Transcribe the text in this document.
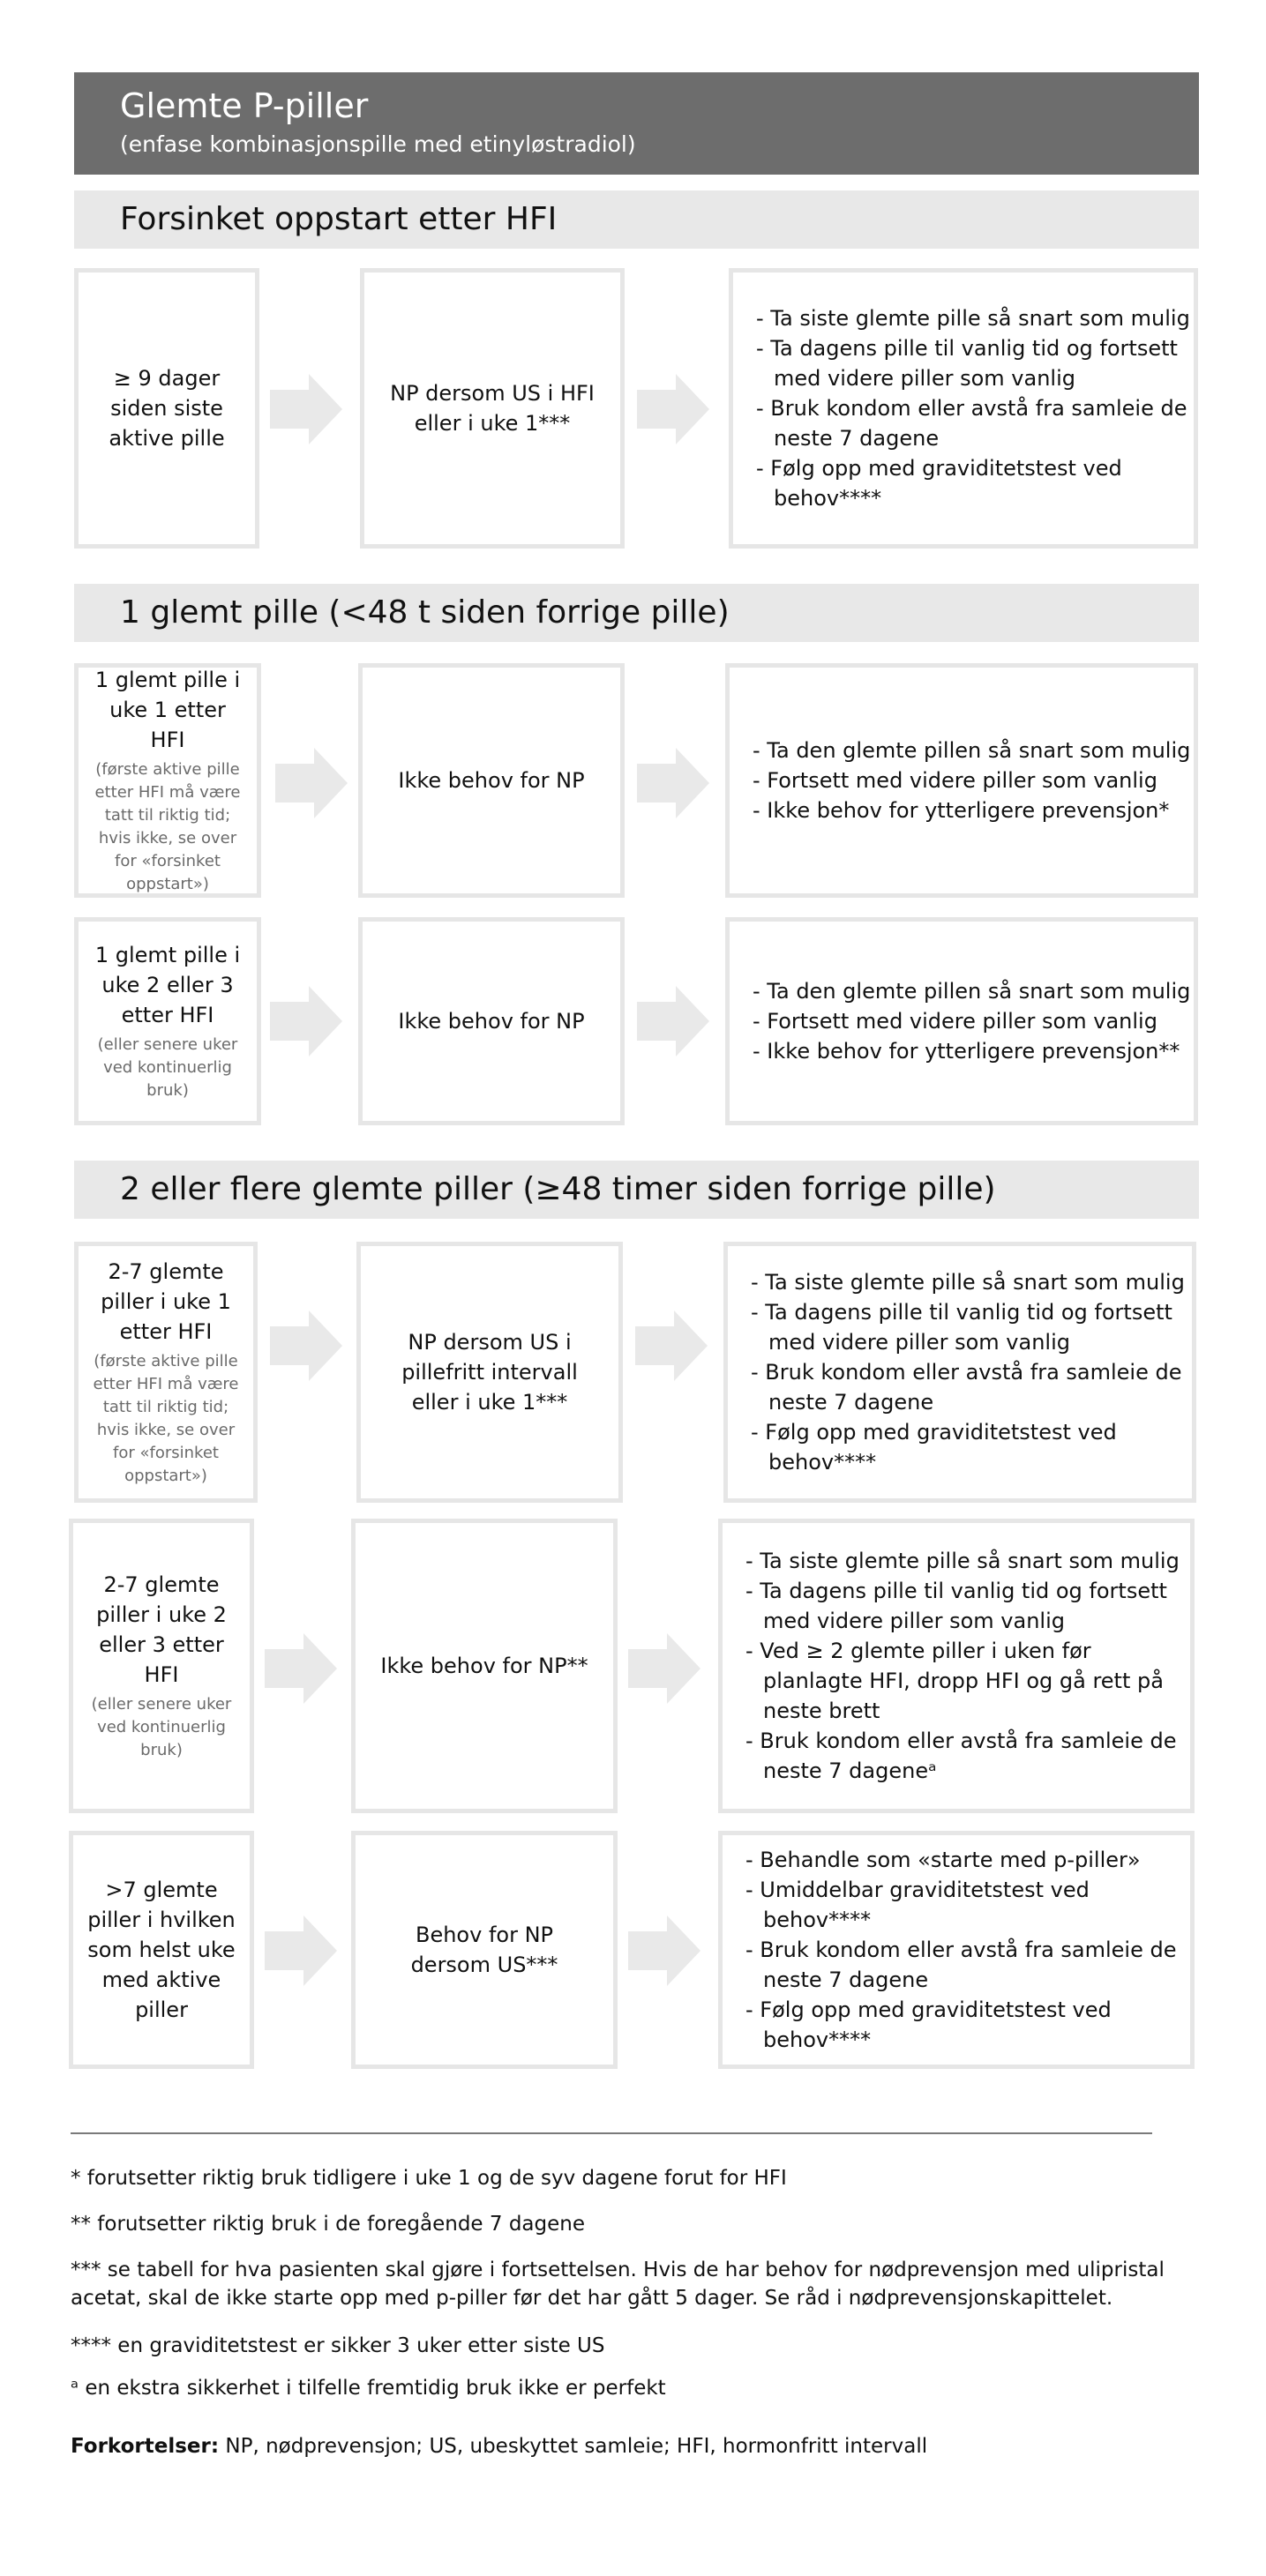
Glemte P-piller
(enfase kombinasjonspille med etinyløstradiol)
Forsinket oppstart etter HFI
≥ 9 dager siden siste aktive pille
NP dersom US i HFI eller i uke 1***
- Ta siste glemte pille så snart som mulig
- Ta dagens pille til vanlig tid og fortsett med videre piller som vanlig
- Bruk kondom eller avstå fra samleie de neste 7 dagene
- Følg opp med graviditetstest ved behov****
1 glemt pille (<48 t siden forrige pille)
1 glemt pille i uke 1 etter HFI
(første aktive pille etter HFI må være tatt til riktig tid; hvis ikke, se over for «forsinket oppstart»)
Ikke behov for NP
- Ta den glemte pillen så snart som mulig
- Fortsett med videre piller som vanlig
- Ikke behov for ytterligere prevensjon*
1 glemt pille i uke 2 eller 3 etter HFI
(eller senere uker ved kontinuerlig bruk)
Ikke behov for NP
- Ta den glemte pillen så snart som mulig
- Fortsett med videre piller som vanlig
- Ikke behov for ytterligere prevensjon**
2 eller flere glemte piller (≥48 timer siden forrige pille)
2-7 glemte piller i uke 1 etter HFI
(første aktive pille etter HFI må være tatt til riktig tid; hvis ikke, se over for «forsinket oppstart»)
NP dersom US i pillefritt intervall eller i uke 1***
- Ta siste glemte pille så snart som mulig
- Ta dagens pille til vanlig tid og fortsett med videre piller som vanlig
- Bruk kondom eller avstå fra samleie de neste 7 dagene
- Følg opp med graviditetstest ved behov****
2-7 glemte piller i uke 2 eller 3 etter HFI
(eller senere uker ved kontinuerlig bruk)
Ikke behov for NP**
- Ta siste glemte pille så snart som mulig
- Ta dagens pille til vanlig tid og fortsett med videre piller som vanlig
- Ved ≥ 2 glemte piller i uken før planlagte HFI, dropp HFI og gå rett på neste brett
- Bruk kondom eller avstå fra samleie de neste 7 dageneᵃ
>7 glemte piller i hvilken som helst uke med aktive piller
Behov for NP dersom US***
- Behandle som «starte med p-piller»
- Umiddelbar graviditetstest ved behov****
- Bruk kondom eller avstå fra samleie de neste 7 dagene
- Følg opp med graviditetstest ved behov****
* forutsetter riktig bruk tidligere i uke 1 og de syv dagene forut for HFI
** forutsetter riktig bruk i de foregående 7 dagene
*** se tabell for hva pasienten skal gjøre i fortsettelsen. Hvis de har behov for nødprevensjon med ulipristal acetat, skal de ikke starte opp med p-piller før det har gått 5 dager. Se råd i nødprevensjonskapittelet.
**** en graviditetstest er sikker 3 uker etter siste US
ᵃ en ekstra sikkerhet i tilfelle fremtidig bruk ikke er perfekt
Forkortelser: NP, nødprevensjon; US, ubeskyttet samleie; HFI, hormonfritt intervall
